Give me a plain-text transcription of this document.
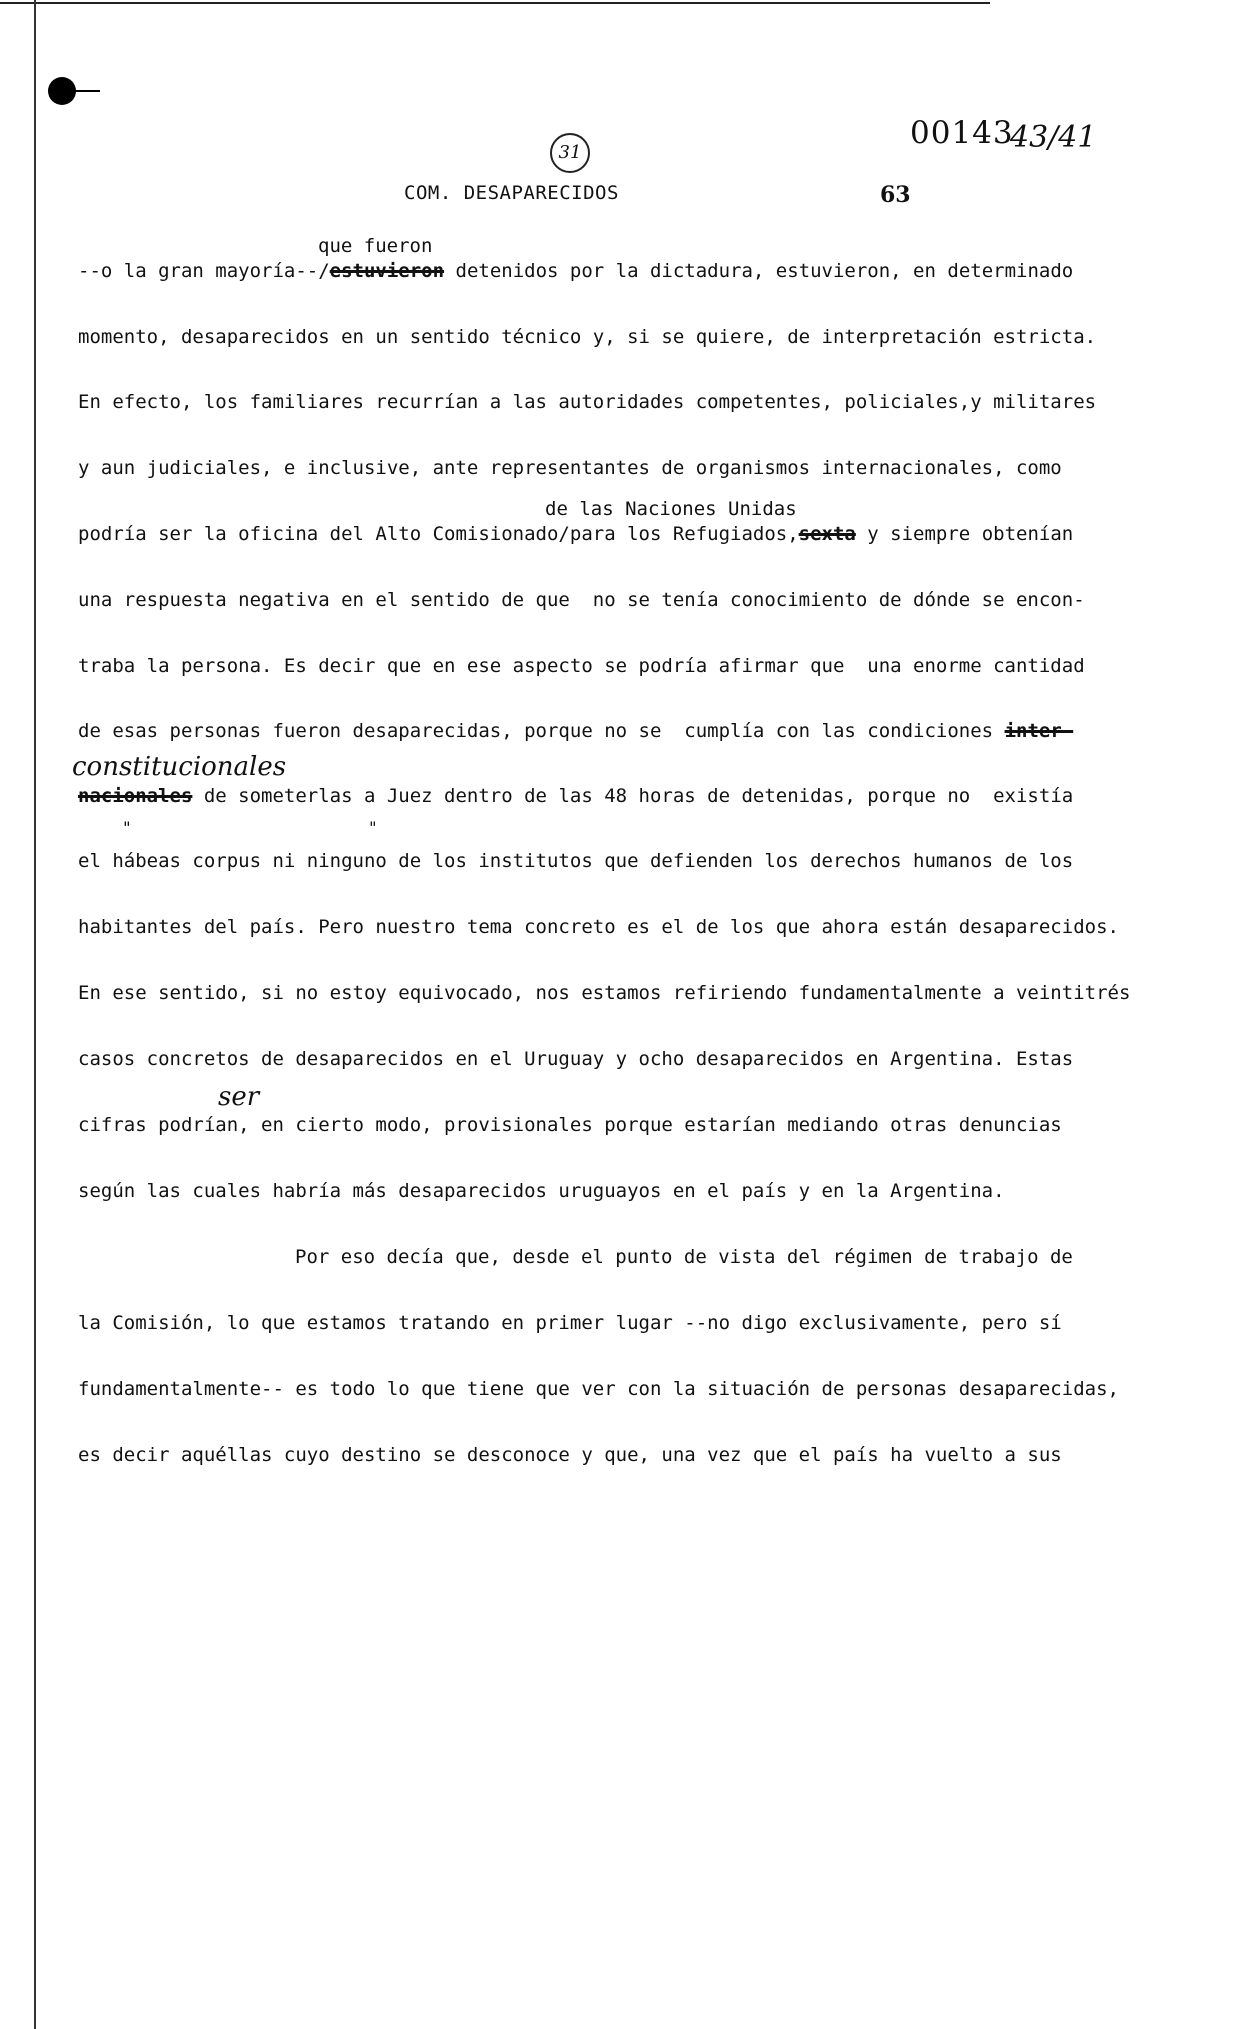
31
COM. DESAPARECIDOS
00143
43/41
63
que fueron
--o la gran mayoría--/estuvieron detenidos por la dictadura, estuvieron, en determinado
momento, desaparecidos en un sentido técnico y, si se quiere, de interpretación estricta.
En efecto, los familiares recurrían a las autoridades competentes, policiales,y militares
y aun judiciales, e inclusive, ante representantes de organismos internacionales, como
de las Naciones Unidas
podría ser la oficina del Alto Comisionado/para los Refugiados,sexta y siempre obtenían
una respuesta negativa en el sentido de que  no se tenía conocimiento de dónde se encon-
traba la persona. Es decir que en ese aspecto se podría afirmar que  una enorme cantidad
de esas personas fueron desaparecidas, porque no se  cumplía con las condiciones inter-
constitucionales
nacionales de someterlas a Juez dentro de las 48 horas de detenidas, porque no  existía
"	"
el hábeas corpus ni ninguno de los institutos que defienden los derechos humanos de los
habitantes del país. Pero nuestro tema concreto es el de los que ahora están desaparecidos.
En ese sentido, si no estoy equivocado, nos estamos refiriendo fundamentalmente a veintitrés
casos concretos de desaparecidos en el Uruguay y ocho desaparecidos en Argentina. Estas
ser
cifras podrían, en cierto modo, provisionales porque estarían mediando otras denuncias
según las cuales habría más desaparecidos uruguayos en el país y en la Argentina.
Por eso decía que, desde el punto de vista del régimen de trabajo de
la Comisión, lo que estamos tratando en primer lugar --no digo exclusivamente, pero sí
fundamentalmente-- es todo lo que tiene que ver con la situación de personas desaparecidas,
es decir aquéllas cuyo destino se desconoce y que, una vez que el país ha vuelto a sus
